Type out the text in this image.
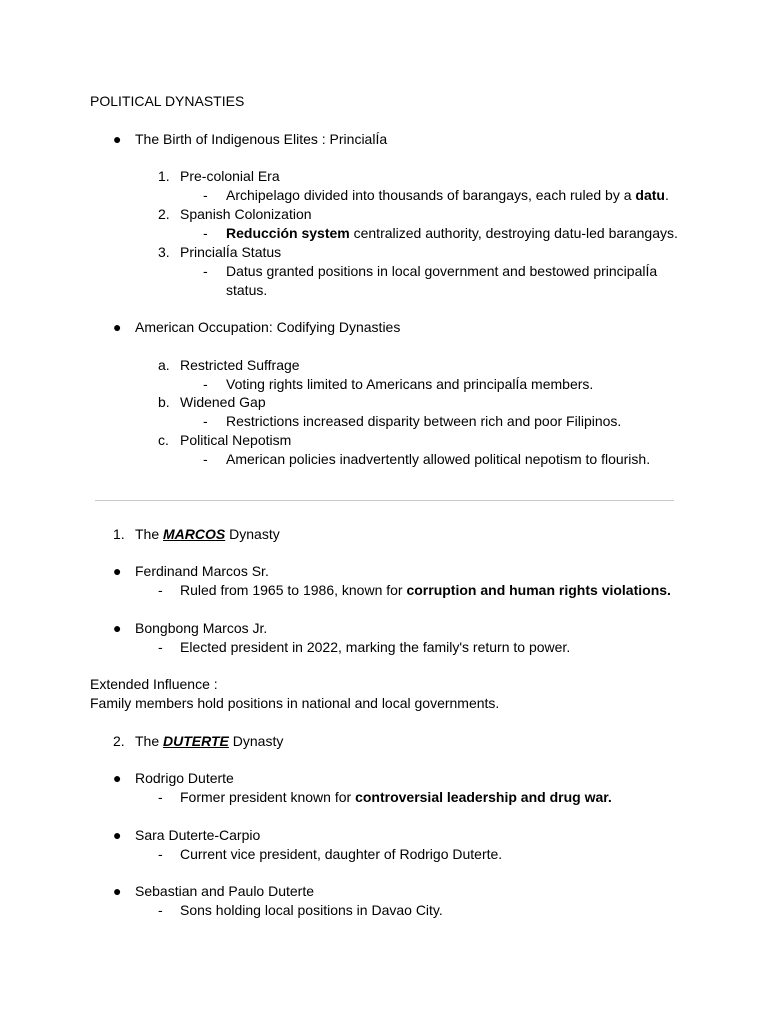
POLITICAL DYNASTIES
● The Birth of Indigenous Elites : PrincialÍa
1. Pre-colonial Era
- Archipelago divided into thousands of barangays, each ruled by a datu.
2. Spanish Colonization
- Reducción system centralized authority, destroying datu-led barangays.
3. PrincialÍa Status
- Datus granted positions in local government and bestowed principalÍa
status.
● American Occupation: Codifying Dynasties
a. Restricted Suffrage
- Voting rights limited to Americans and principalÍa members.
b. Widened Gap
- Restrictions increased disparity between rich and poor Filipinos.
c. Political Nepotism
- American policies inadvertently allowed political nepotism to flourish.
1. The MARCOS Dynasty
● Ferdinand Marcos Sr.
- Ruled from 1965 to 1986, known for corruption and human rights violations.
● Bongbong Marcos Jr.
- Elected president in 2022, marking the family's return to power.
Extended Influence :
Family members hold positions in national and local governments.
2. The DUTERTE Dynasty
● Rodrigo Duterte
- Former president known for controversial leadership and drug war.
● Sara Duterte-Carpio
- Current vice president, daughter of Rodrigo Duterte.
● Sebastian and Paulo Duterte
- Sons holding local positions in Davao City.
